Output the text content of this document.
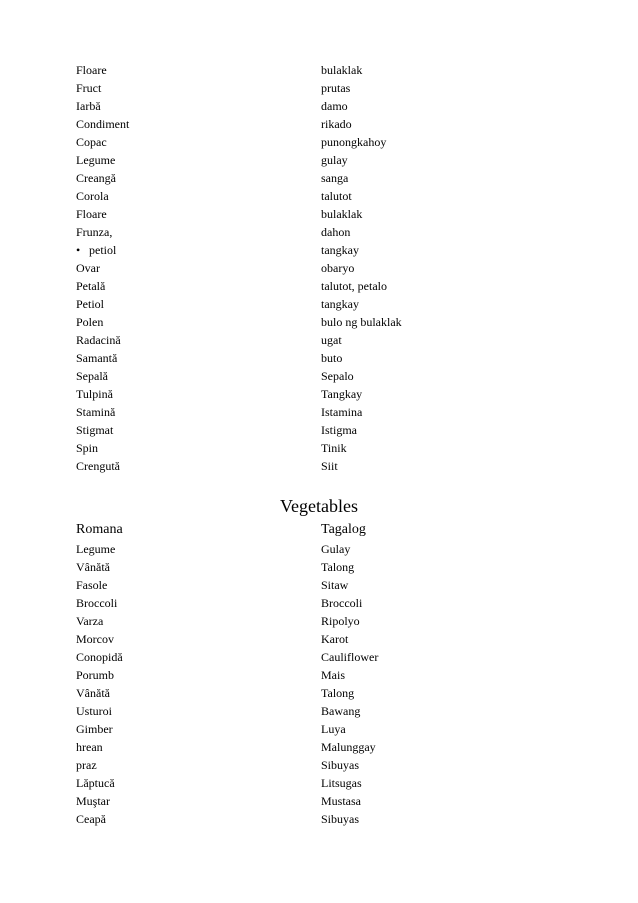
Floare	bulaklak
Fruct	prutas
Iarbă	damo
Condiment	rikado
Copac	punongkahoy
Legume	gulay
Creangă	sanga
Corola	talutot
Floare	bulaklak
Frunza,	dahon
• petiol	tangkay
Ovar	obaryo
Petală	talutot, petalo
Petiol	tangkay
Polen	bulo ng bulaklak
Radacină	ugat
Samantă	buto
Sepală	Sepalo
Tulpină	Tangkay
Stamină	Istamina
Stigmat	Istigma
Spin	Tinik
Crengută	Siit
Vegetables
Romana	Tagalog
Legume	Gulay
Vânătă	Talong
Fasole	Sitaw
Broccoli	Broccoli
Varza	Ripolyo
Morcov	Karot
Conopidă	Cauliflower
Porumb	Mais
Vânătă	Talong
Usturoi	Bawang
Gimber	Luya
hrean	Malunggay
praz	Sibuyas
Lăptucă	Litsugas
Muştar	Mustasa
Ceapă	Sibuyas
